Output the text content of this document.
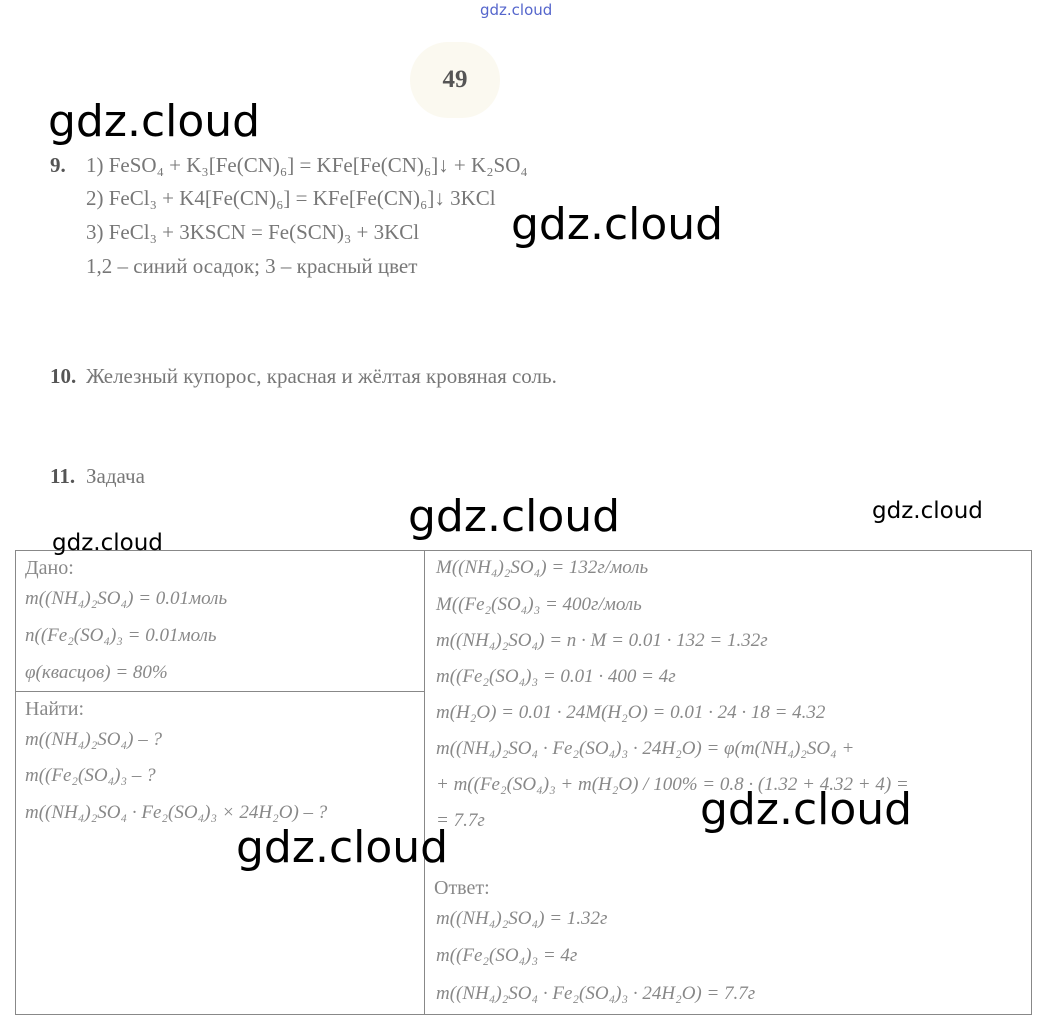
gdz.cloud
49
9. 1) FeSO₄ + K₃[Fe(CN)₆] = KFe[Fe(CN)₆]↓ + K₂SO₄
2) FeCl₃ + K4[Fe(CN)₆] = KFe[Fe(CN)₆]↓ 3KCl
3) FeCl₃ + 3KSCN = Fe(SCN)₃ + 3KCl
1,2 – синий осадок; 3 – красный цвет
10. Железный купорос, красная и жёлтая кровяная соль.
11. Задача
Дано:
m((NH₄)₂SO₄) = 0.01моль
n((Fe₂(SO₄)₃ = 0.01моль
φ(квасцов) = 80%
Найти:
m((NH₄)₂SO₄) – ?
m((Fe₂(SO₄)₃ – ?
m((NH₄)₂SO₄ · Fe₂(SO₄)₃ × 24H₂O) – ?
M((NH₄)₂SO₄) = 132г/моль
M((Fe₂(SO₄)₃ = 400г/моль
m((NH₄)₂SO₄) = n · M = 0.01 · 132 = 1.32г
m((Fe₂(SO₄)₃ = 0.01 · 400 = 4г
m(H₂O) = 0.01 · 24M(H₂O) = 0.01 · 24 · 18 = 4.32
m((NH₄)₂SO₄ · Fe₂(SO₄)₃ · 24H₂O) = φ(m(NH₄)₂SO₄ +
+ m((Fe₂(SO₄)₃ + m(H₂O) / 100% = 0.8 · (1.32 + 4.32 + 4) =
= 7.7г
Ответ:
m((NH₄)₂SO₄) = 1.32г
m((Fe₂(SO₄)₃ = 4г
m((NH₄)₂SO₄ · Fe₂(SO₄)₃ · 24H₂O) = 7.7г
gdz.cloud
gdz.cloud
gdz.cloud	gdz.cloud
gdz.cloud
gdz.cloud
gdz.cloud
